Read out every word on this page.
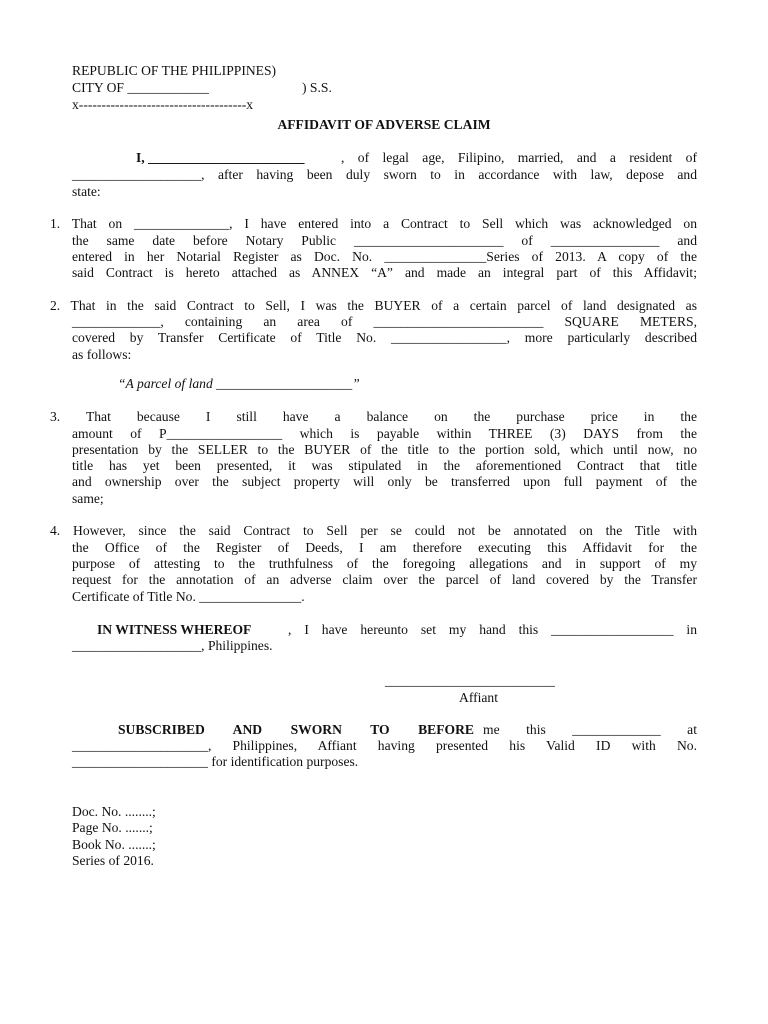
REPUBLIC OF THE PHILIPPINES)
CITY OF ____________	) S.S.
x-------------------------------------x
AFFIDAVIT OF ADVERSE CLAIM
I, _______________________	, of legal age, Filipino, married, and a resident of
___________________, after having been duly sworn to in accordance with law, depose and
state:
1. That on ______________, I have entered into a Contract to Sell which was acknowledged on
the same date before Notary Public ______________________ of ________________ and
entered in her Notarial Register as Doc. No. _______________Series of 2013. A copy of the
said Contract is hereto attached as ANNEX “A” and made an integral part of this Affidavit;
2. That in the said Contract to Sell, I was the BUYER of a certain parcel of land designated as
_____________, containing an area of _________________________ SQUARE METERS,
covered by Transfer Certificate of Title No. _________________, more particularly described
as follows:
“A parcel of land ____________________”
3. That because I still have a balance on the purchase price in the
amount of P_________________ which is payable within THREE (3) DAYS from the
presentation by the SELLER to the BUYER of the title to the portion sold, which until now, no
title has yet been presented, it was stipulated in the aforementioned Contract that title
and ownership over the subject property will only be transferred upon full payment of the
same;
4. However, since the said Contract to Sell per se could not be annotated on the Title with
the Office of the Register of Deeds, I am therefore executing this Affidavit for the
purpose of attesting to the truthfulness of the foregoing allegations and in support of my
request for the annotation of an adverse claim over the parcel of land covered by the Transfer
Certificate of Title No. _______________.
IN WITNESS WHEREOF	, I have hereunto set my hand this __________________ in
___________________, Philippines.
_________________________
Affiant
SUBSCRIBED AND SWORN TO BEFORE me this _____________ at
____________________, Philippines, Affiant having presented his Valid ID with No.
____________________ for identification purposes.
Doc. No. ........;
Page No. .......;
Book No. .......;
Series of 2016.
